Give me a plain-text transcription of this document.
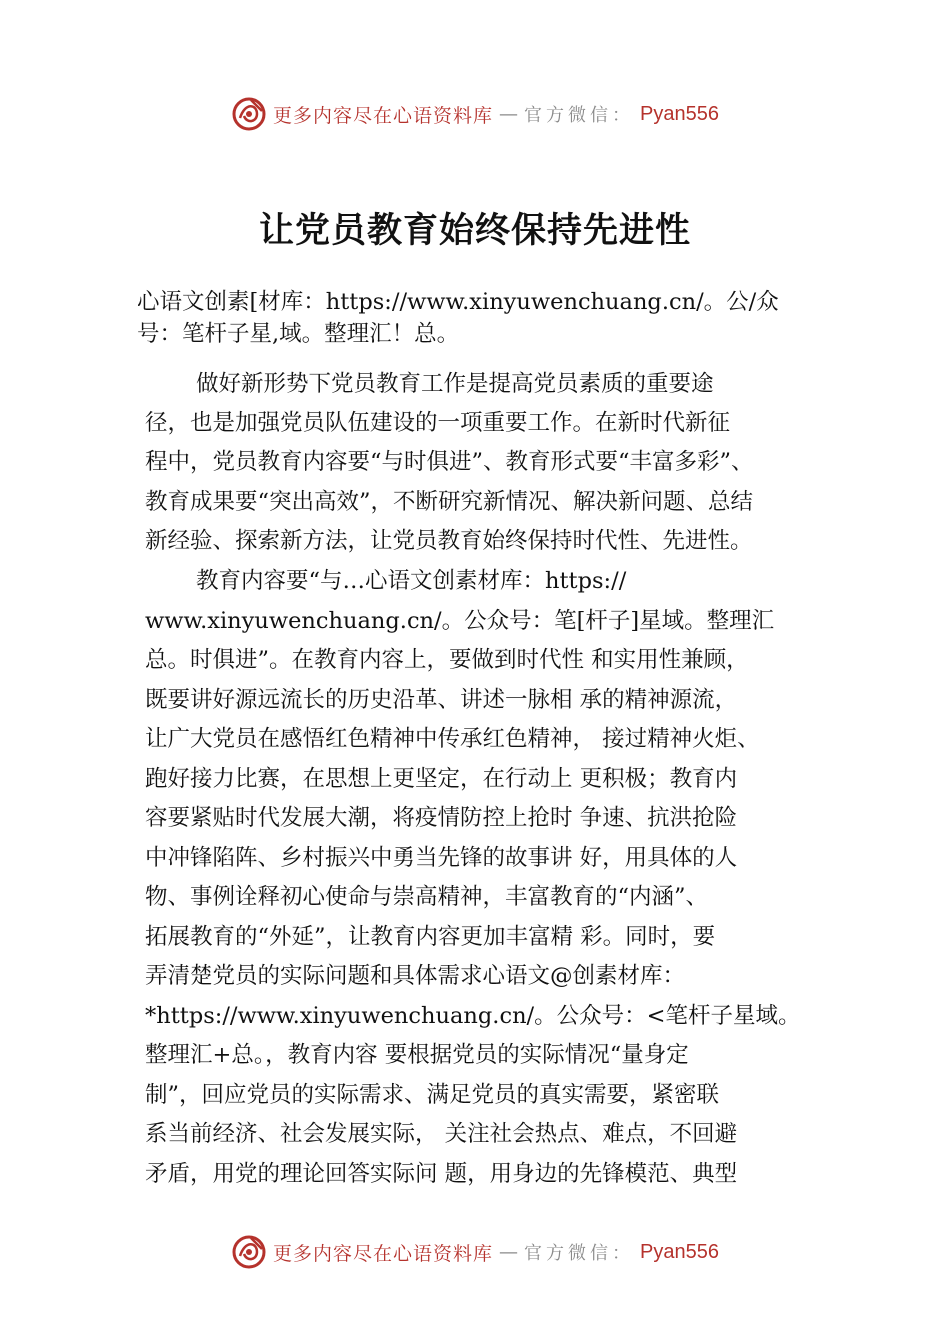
更多内容尽在心语资料库 — 官方微信： Pyan556
让党员教育始终保持先进性
心语文创素[材库：https://www.xinyuwenchuang.cn/。公/众
号：笔杆子星,域。整理汇！总。
做好新形势下党员教育工作是提高党员素质的重要途
径，也是加强党员队伍建设的一项重要工作。在新时代新征
程中，党员教育内容要“与时俱进”、教育形式要“丰富多彩”、
教育成果要“突出高效”，不断研究新情况、解决新问题、总结
新经验、探索新方法，让党员教育始终保持时代性、先进性。
教育内容要“与…心语文创素材库：https://
www.xinyuwenchuang.cn/。公众号：笔[杆子]星域。整理汇
总。时俱进”。在教育内容上，要做到时代性 和实用性兼顾，
既要讲好源远流长的历史沿革、讲述一脉相 承的精神源流，
让广大党员在感悟红色精神中传承红色精神， 接过精神火炬、
跑好接力比赛，在思想上更坚定，在行动上 更积极；教育内
容要紧贴时代发展大潮，将疫情防控上抢时 争速、抗洪抢险
中冲锋陷阵、乡村振兴中勇当先锋的故事讲 好，用具体的人
物、事例诠释初心使命与崇高精神，丰富教育的“内涵”、
拓展教育的“外延”，让教育内容更加丰富精 彩。同时，要
弄清楚党员的实际问题和具体需求心语文@创素材库：
*https://www.xinyuwenchuang.cn/。公众号：<笔杆子星域。
整理汇+总。，教育内容 要根据党员的实际情况“量身定
制”，回应党员的实际需求、满足党员的真实需要，紧密联
系当前经济、社会发展实际， 关注社会热点、难点，不回避
矛盾，用党的理论回答实际问 题，用身边的先锋模范、典型
更多内容尽在心语资料库 — 官方微信： Pyan556
